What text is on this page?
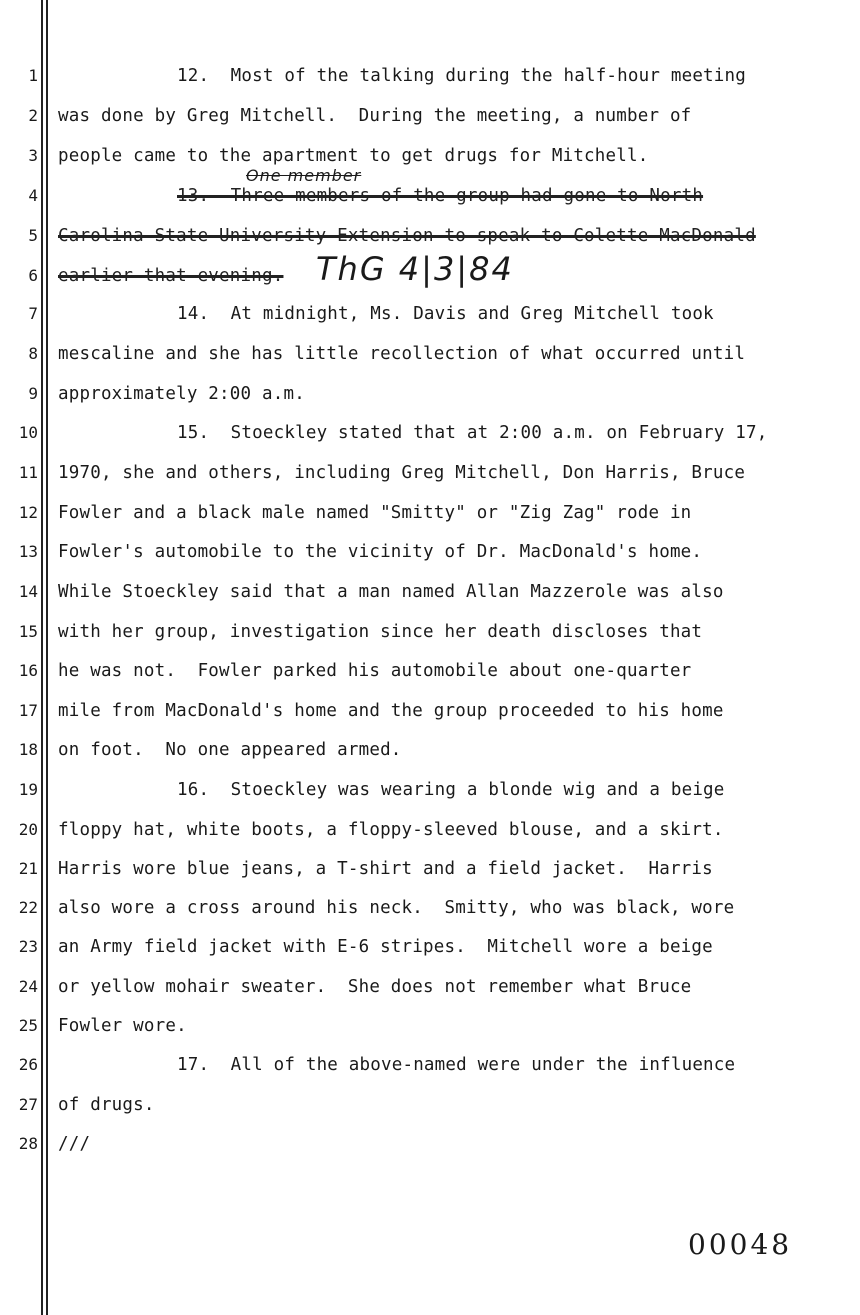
1
2
3
4
5
6
7
8
9
10
11
12
13
14
15
16
17
18
19
20
21
22
23
24
25
26
27
28
12.  Most of the talking during the half-hour meeting
was done by Greg Mitchell.  During the meeting, a number of
people came to the apartment to get drugs for Mitchell.
13.  Three members of the group had gone to North
Carolina State University Extension to speak to Colette MacDonald
earlier that evening.
14.  At midnight, Ms. Davis and Greg Mitchell took
mescaline and she has little recollection of what occurred until
approximately 2:00 a.m.
15.  Stoeckley stated that at 2:00 a.m. on February 17,
1970, she and others, including Greg Mitchell, Don Harris, Bruce
Fowler and a black male named "Smitty" or "Zig Zag" rode in
Fowler's automobile to the vicinity of Dr. MacDonald's home.
While Stoeckley said that a man named Allan Mazzerole was also
with her group, investigation since her death discloses that
he was not.  Fowler parked his automobile about one-quarter
mile from MacDonald's home and the group proceeded to his home
on foot.  No one appeared armed.
16.  Stoeckley was wearing a blonde wig and a beige
floppy hat, white boots, a floppy-sleeved blouse, and a skirt.
Harris wore blue jeans, a T-shirt and a field jacket.  Harris
also wore a cross around his neck.  Smitty, who was black, wore
an Army field jacket with E-6 stripes.  Mitchell wore a beige
or yellow mohair sweater.  She does not remember what Bruce
Fowler wore.
17.  All of the above-named were under the influence
of drugs.
///
One member
ThG 4|3|84
00048
